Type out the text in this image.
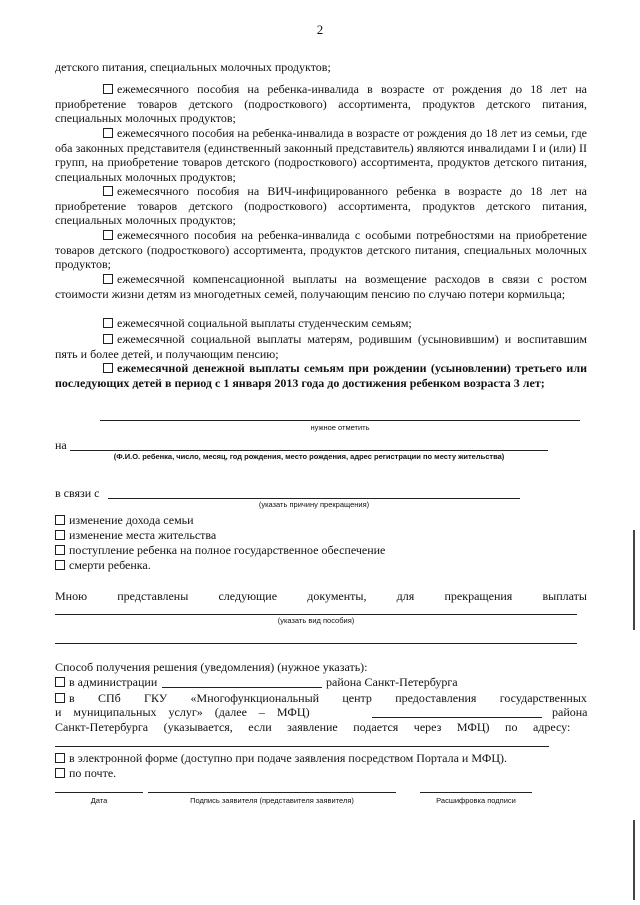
2
детского питания, специальных молочных продуктов;
ежемесячного пособия на ребенка-инвалида в возрасте от рождения до 18 лет на приобретение товаров детского (подросткового) ассортимента, продуктов детского питания, специальных молочных продуктов;
ежемесячного пособия на ребенка-инвалида в возрасте от рождения до 18 лет из семьи, где оба законных представителя (единственный законный представитель) являются инвалидами I и (или) II групп, на приобретение товаров детского (подросткового) ассортимента, продуктов детского питания, специальных молочных продуктов;
ежемесячного пособия на ВИЧ-инфицированного ребенка в возрасте до 18 лет на приобретение товаров детского (подросткового) ассортимента, продуктов детского питания, специальных молочных продуктов;
ежемесячного пособия на ребенка-инвалида с особыми потребностями на приобретение товаров детского (подросткового) ассортимента, продуктов детского питания, специальных молочных продуктов;
ежемесячной компенсационной выплаты на возмещение расходов в связи с ростом стоимости жизни детям из многодетных семей, получающим пенсию по случаю потери кормильца;
ежемесячной социальной выплаты студенческим семьям;
ежемесячной социальной выплаты матерям, родившим (усыновившим) и воспитавшим пять и более детей, и получающим пенсию;
ежемесячной денежной выплаты семьям при рождении (усыновлении) третьего или последующих детей в период с 1 января 2013 года до достижения ребенком возраста 3 лет;
нужное отметить
на
(Ф.И.О. ребенка, число, месяц, год рождения, место рождения, адрес регистрации по месту жительства)
в связи с
(указать причину прекращения)
изменение дохода семьи
изменение места жительства
поступление ребенка на полное государственное обеспечение
смерти ребенка.
Мною	представлены	следующие	документы,	для	прекращения	выплаты
(указать вид пособия)
Способ получения решения (уведомления) (нужное указать):
в администрации	района Санкт-Петербурга
в СПб ГКУ «Многофункциональный центр предоставления государственных
и муниципальных услуг» (далее – МФЦ)	района
Санкт-Петербурга (указывается, если заявление подается через МФЦ) по адресу:
в электронной форме (доступно при подаче заявления посредством Портала и МФЦ).
по почте.
Дата	Подпись заявителя (представителя заявителя)	Расшифровка подписи
